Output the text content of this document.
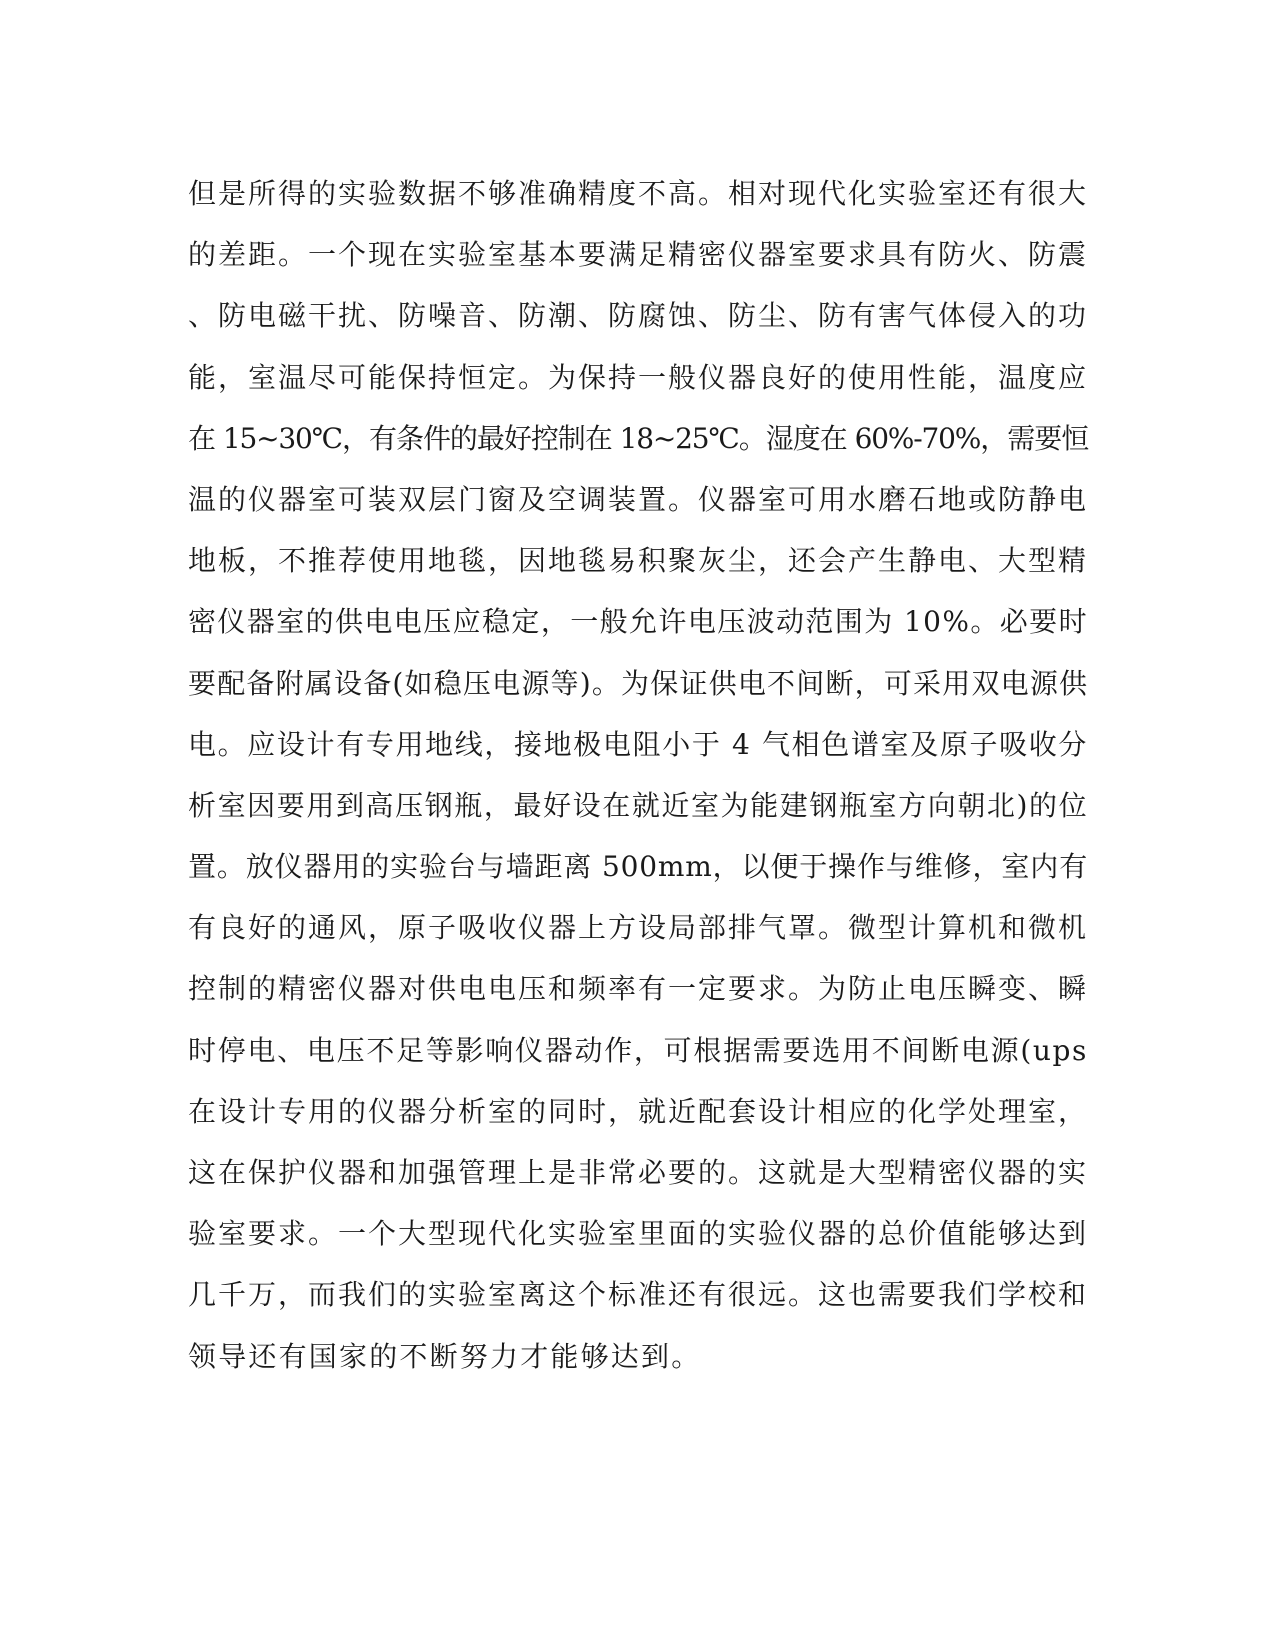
但是所得的实验数据不够准确精度不高。相对现代化实验室还有很大
的差距。一个现在实验室基本要满足精密仪器室要求具有防火、防震
、防电磁干扰、防噪音、防潮、防腐蚀、防尘、防有害气体侵入的功
能，室温尽可能保持恒定。为保持一般仪器良好的使用性能，温度应
在 15~30℃，有条件的最好控制在 18~25℃。湿度在 60%-70%，需要恒
温的仪器室可装双层门窗及空调装置。仪器室可用水磨石地或防静电
地板，不推荐使用地毯，因地毯易积聚灰尘，还会产生静电、大型精
密仪器室的供电电压应稳定，一般允许电压波动范围为 10%。必要时
要配备附属设备(如稳压电源等)。为保证供电不间断，可采用双电源供
电。应设计有专用地线，接地极电阻小于 4 气相色谱室及原子吸收分
析室因要用到高压钢瓶，最好设在就近室为能建钢瓶室方向朝北)的位
置。放仪器用的实验台与墙距离 500mm，以便于操作与维修，室内有
有良好的通风，原子吸收仪器上方设局部排气罩。微型计算机和微机
控制的精密仪器对供电电压和频率有一定要求。为防止电压瞬变、瞬
时停电、电压不足等影响仪器动作，可根据需要选用不间断电源(ups
在设计专用的仪器分析室的同时，就近配套设计相应的化学处理室，
这在保护仪器和加强管理上是非常必要的。这就是大型精密仪器的实
验室要求。一个大型现代化实验室里面的实验仪器的总价值能够达到
几千万，而我们的实验室离这个标准还有很远。这也需要我们学校和
领导还有国家的不断努力才能够达到。
